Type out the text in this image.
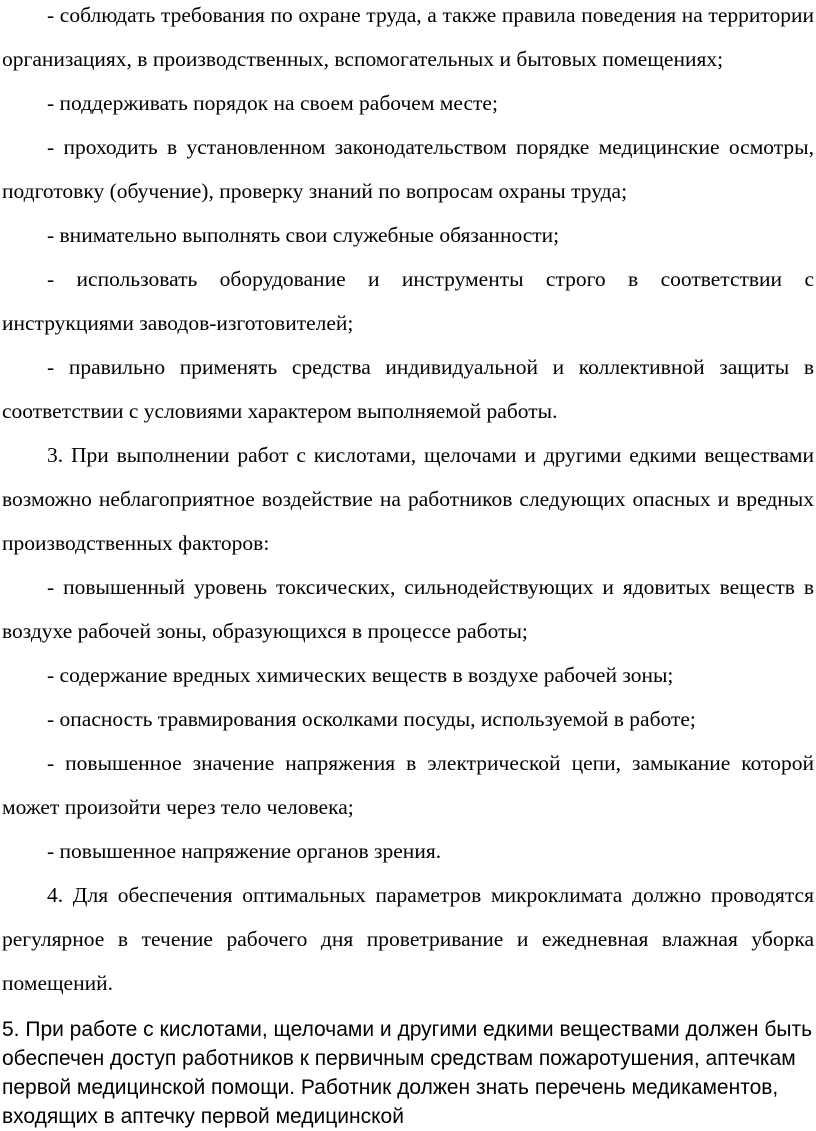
- соблюдать требования по охране труда, а также правила поведения на территории организациях, в производственных, вспомогательных и бытовых помещениях;

- поддерживать порядок на своем рабочем месте;

- проходить в установленном законодательством порядке медицинские осмотры, подготовку (обучение), проверку знаний по вопросам охраны труда;

- внимательно выполнять свои служебные обязанности;

- использовать оборудование и инструменты строго в соответствии с инструкциями заводов-изготовителей;

- правильно применять средства индивидуальной и коллективной защиты в соответствии с условиями характером выполняемой работы.

3. При выполнении работ с кислотами, щелочами и другими едкими веществами возможно неблагоприятное воздействие на работников следующих опасных и вредных производственных факторов:

- повышенный уровень токсических, сильнодействующих и ядовитых веществ в воздухе рабочей зоны, образующихся в процессе работы;

- содержание вредных химических веществ в воздухе рабочей зоны;

- опасность травмирования осколками посуды, используемой в работе;

- повышенное значение напряжения в электрической цепи, замыкание которой может произойти через тело человека;

- повышенное напряжение органов зрения.

4. Для обеспечения оптимальных параметров микроклимата должно проводятся регулярное в течение рабочего дня проветривание и ежедневная влажная уборка помещений.

5. При работе с кислотами, щелочами и другими едкими веществами должен быть обеспечен доступ работников к первичным средствам пожаротушения, аптечкам первой медицинской помощи. Работник должен знать перечень медикаментов, входящих в аптечку первой медицинской
